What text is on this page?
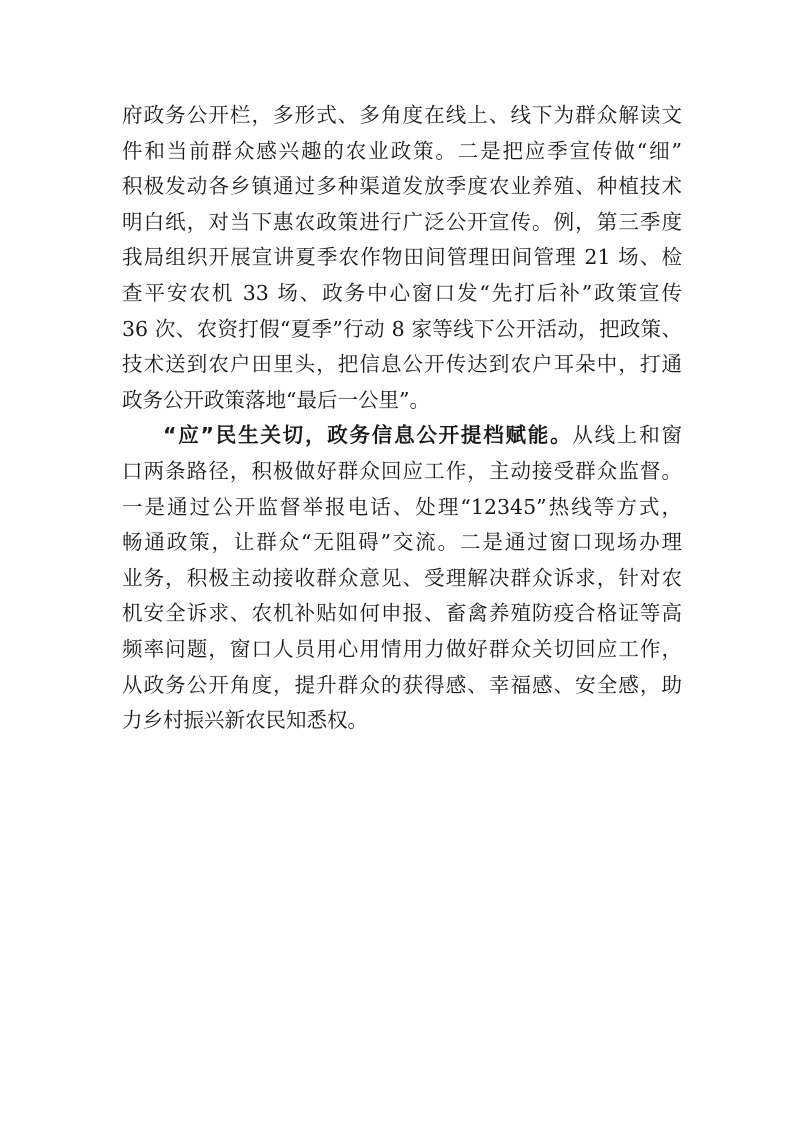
府政务公开栏，多形式、多角度在线上、线下为群众解读文
件和当前群众感兴趣的农业政策。二是把应季宣传做“细”
积极发动各乡镇通过多种渠道发放季度农业养殖、种植技术
明白纸，对当下惠农政策进行广泛公开宣传。例，第三季度
我局组织开展宣讲夏季农作物田间管理田间管理 21 场、检
查平安农机 33 场、政务中心窗口发“先打后补”政策宣传
36 次、农资打假“夏季”行动 8 家等线下公开活动，把政策、
技术送到农户田里头，把信息公开传达到农户耳朵中，打通
政务公开政策落地“最后一公里”。
“应”民生关切，政务信息公开提档赋能。从线上和窗
口两条路径，积极做好群众回应工作，主动接受群众监督。
一是通过公开监督举报电话、处理“12345”热线等方式，
畅通政策，让群众“无阻碍”交流。二是通过窗口现场办理
业务，积极主动接收群众意见、受理解决群众诉求，针对农
机安全诉求、农机补贴如何申报、畜禽养殖防疫合格证等高
频率问题，窗口人员用心用情用力做好群众关切回应工作，
从政务公开角度，提升群众的获得感、幸福感、安全感，助
力乡村振兴新农民知悉权。
